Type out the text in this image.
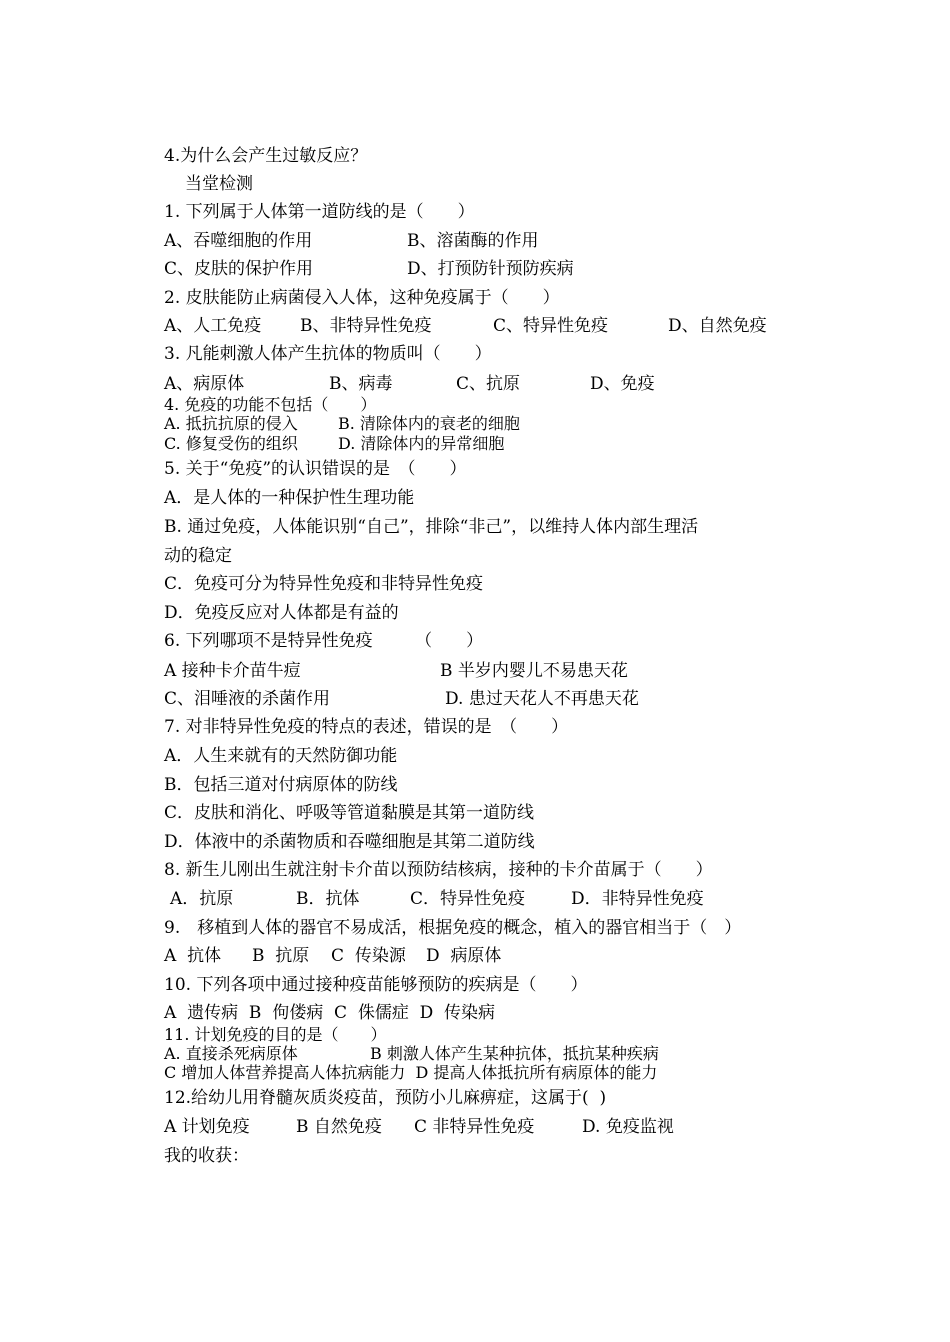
4.为什么会产生过敏反应？
当堂检测
1. 下列属于人体第一道防线的是（　　）
A、吞噬细胞的作用	B、溶菌酶的作用
C、皮肤的保护作用	D、打预防针预防疾病
2. 皮肤能防止病菌侵入人体，这种免疫属于（　　）
A、人工免疫 B、非特异性免疫	C、特异性免疫	D、自然免疫
3. 凡能刺激人体产生抗体的物质叫（　　）
A、病原体	B、病毒	C、抗原	D、免疫
4. 免疫的功能不包括（　　）
A. 抵抗抗原的侵入	B. 清除体内的衰老的细胞
C. 修复受伤的组织	D. 清除体内的异常细胞
5. 关于“免疫”的认识错误的是　（　　）
A．是人体的一种保护性生理功能
B. 通过免疫，人体能识别“自己”，排除“非己”，以维持人体内部生理活
动的稳定
C．免疫可分为特异性免疫和非特异性免疫
D．免疫反应对人体都是有益的
6. 下列哪项不是特异性免疫　　　（　　）
A 接种卡介苗牛痘	B 半岁内婴儿不易患天花
C、泪唾液的杀菌作用	D. 患过天花人不再患天花
7. 对非特异性免疫的特点的表述，错误的是　（　　）
A．人生来就有的天然防御功能
B．包括三道对付病原体的防线
C．皮肤和消化、呼吸等管道黏膜是其第一道防线
D．体液中的杀菌物质和吞噬细胞是其第二道防线
8. 新生儿刚出生就注射卡介苗以预防结核病，接种的卡介苗属于（　　）
A．抗原	B．抗体	C．特异性免疫	D．非特异性免疫
9.　移植到人体的器官不易成活，根据免疫的概念，植入的器官相当于（　）
A  抗体 B  抗原 C  传染源 D  病原体
10. 下列各项中通过接种疫苗能够预防的疾病是（　　）
A  遗传病  B  佝偻病  C  侏儒症  D  传染病
11. 计划免疫的目的是（　　）
A. 直接杀死病原体	B 刺激人体产生某种抗体，抵抗某种疾病
C 增加人体营养提高人体抗病能力  D 提高人体抵抗所有病原体的能力
12.给幼儿用脊髓灰质炎疫苗，预防小儿麻痹症，这属于(  )
A 计划免疫	B 自然免疫 C 非特异性免疫	D. 免疫监视
我的收获：
